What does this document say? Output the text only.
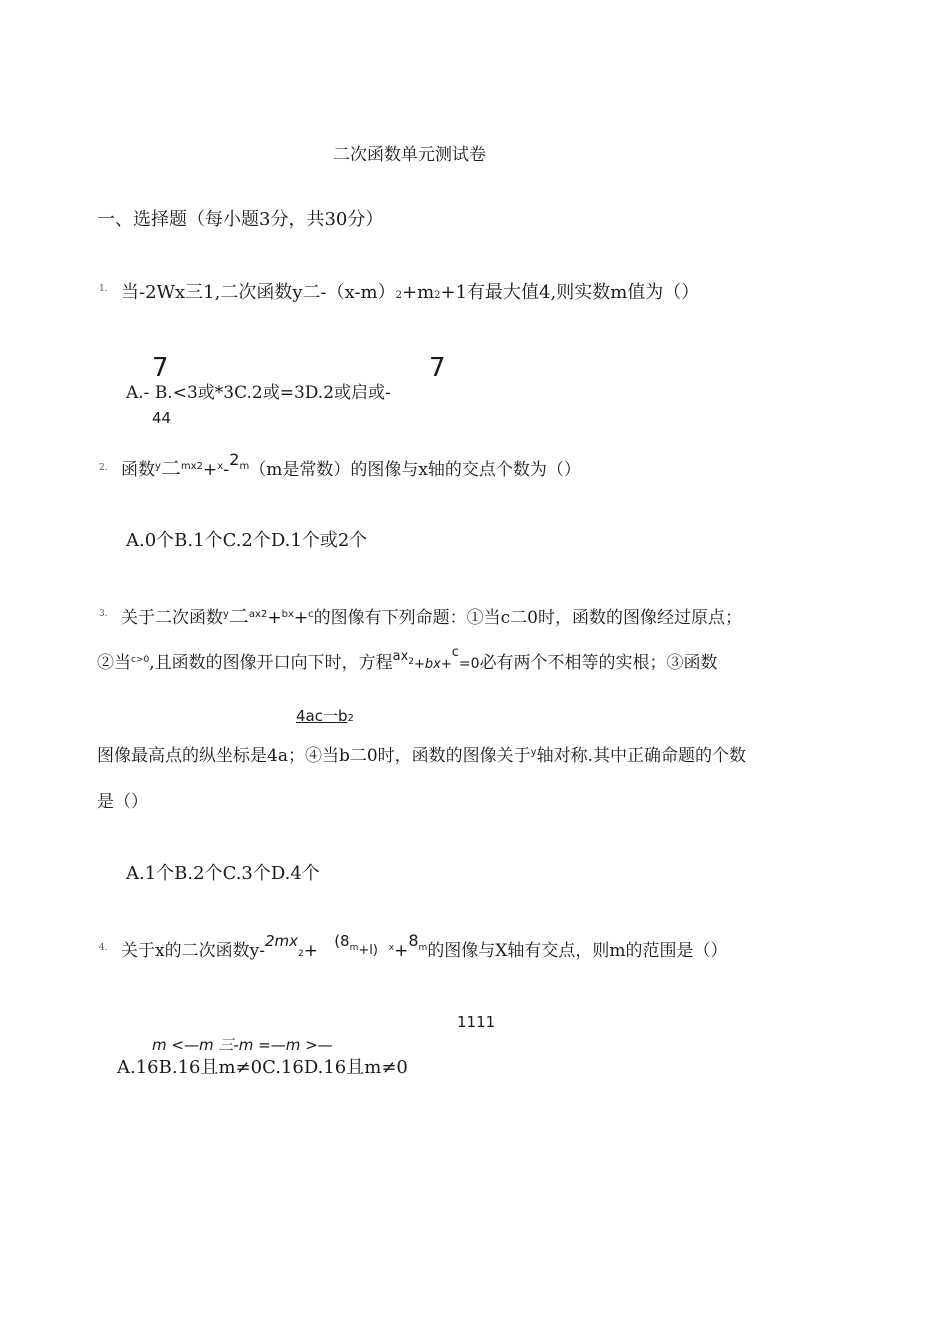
二次函数单元测试卷
一、选择题（每小题3分，共30分）
1. 当-2Wx三1,二次函数y二-（x-m）2+m2+1有最大值4,则实数m值为（）
7	7
A.- B.<3或*3C.2或=3D.2或启或-
44
2. 函数$^y$二$^{mx2}+^x-2^m(m$是常数）的图像与x轴的交点个数为（）
A.0个B.1个C.2个D.1个或2个
3. 关于二次函数$^y$二$^{ax2}$+$^{bx}$+$^c$的图像有下列命题：①当c二0时，函数的图像经过原点；
②当$^{c>0}$,且函数的图像开口向下时，方程$^{ax2}$+bx+$^c$=0必有两个不相等的实根；③函数
4ac一b2
图像最高点的纵坐标是4a；④当b二0时，函数的图像关于$^y$轴对称.其中正确命题的个数
是（）
A.1个B.2个C.3个D.4个
4. 关于x的二次函数$y-2mx2+ (8^m+l)$ $^x+8^m$的图像与X轴有交点，则m的范围是（）
1111
m <—m 三-m =—m >—
A.16B.16且m≠0C.16D.16且m≠0
